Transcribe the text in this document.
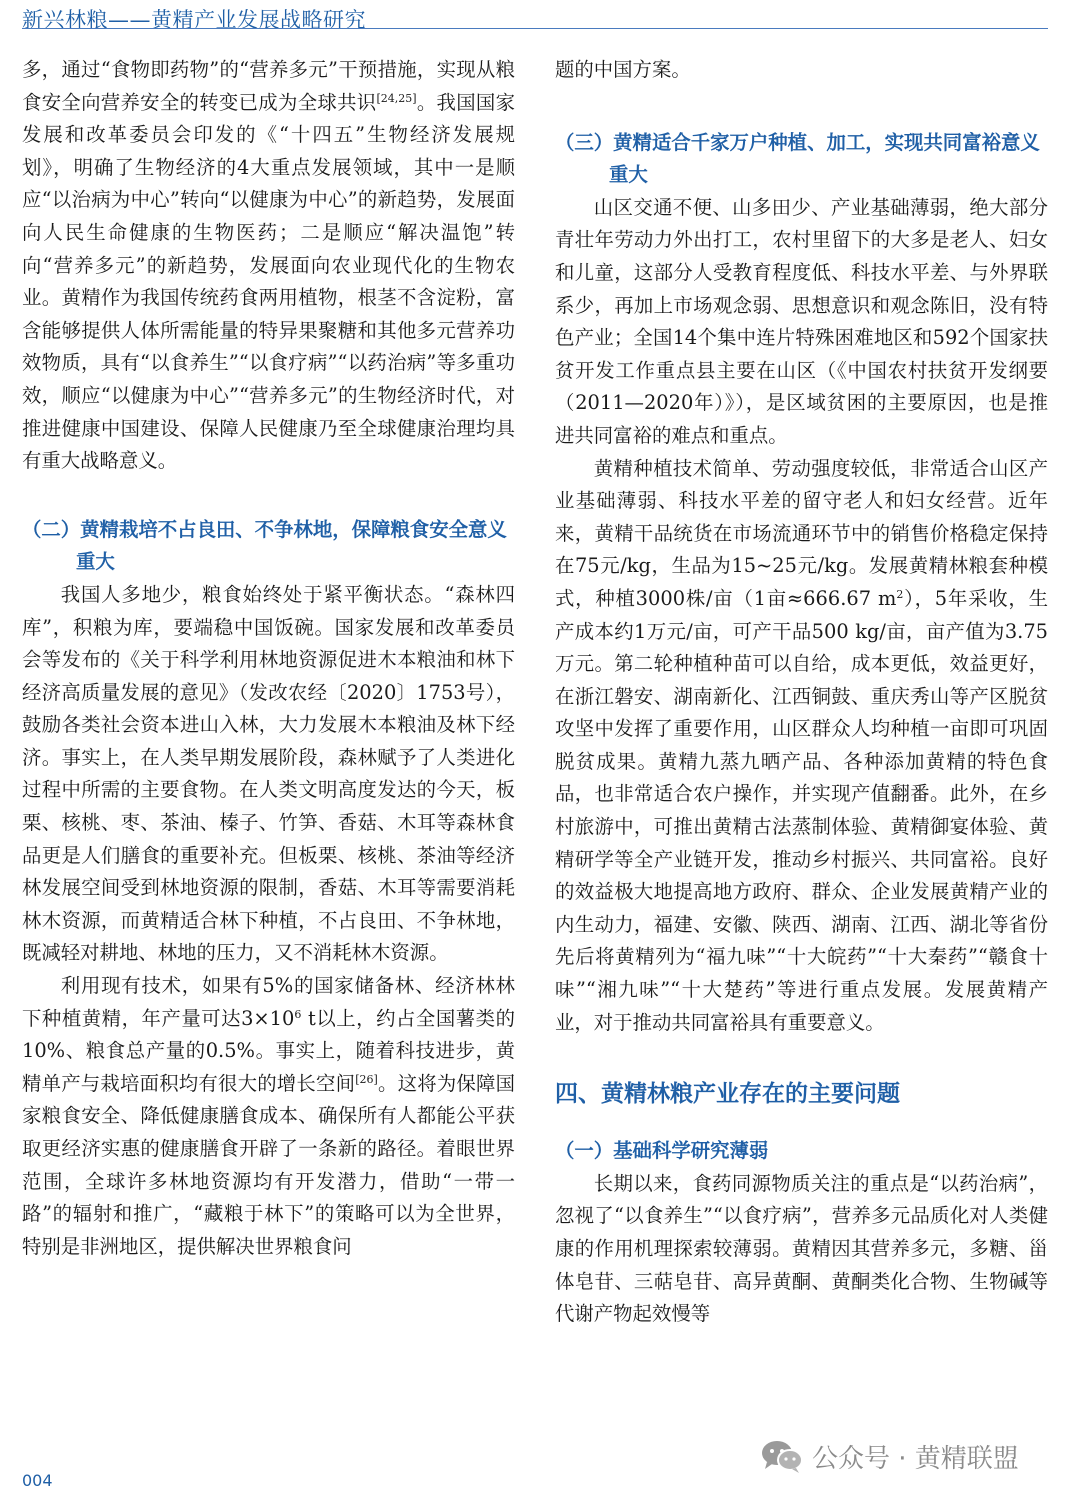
新兴林粮——黄精产业发展战略研究

多，通过“食物即药物”的“营养多元”干预措施，实现从粮食安全向营养安全的转变已成为全球共识[24,25]。我国国家发展和改革委员会印发的《“十四五”生物经济发展规划》，明确了生物经济的4大重点发展领域，其中一是顺应“以治病为中心”转向“以健康为中心”的新趋势，发展面向人民生命健康的生物医药；二是顺应“解决温饱”转向“营养多元”的新趋势，发展面向农业现代化的生物农业。黄精作为我国传统药食两用植物，根茎不含淀粉，富含能够提供人体所需能量的特异果聚糖和其他多元营养功效物质，具有“以食养生”“以食疗病”“以药治病”等多重功效，顺应“以健康为中心”“营养多元”的生物经济时代，对推进健康中国建设、保障人民健康乃至全球健康治理均具有重大战略意义。

（二）黄精栽培不占良田、不争林地，保障粮食安全意义重大

我国人多地少，粮食始终处于紧平衡状态。“森林四库”，积粮为库，要端稳中国饭碗。国家发展和改革委员会等发布的《关于科学利用林地资源促进木本粮油和林下经济高质量发展的意见》（发改农经〔2020〕1753号），鼓励各类社会资本进山入林，大力发展木本粮油及林下经济。事实上，在人类早期发展阶段，森林赋予了人类进化过程中所需的主要食物。在人类文明高度发达的今天，板栗、核桃、枣、茶油、榛子、竹笋、香菇、木耳等森林食品更是人们膳食的重要补充。但板栗、核桃、茶油等经济林发展空间受到林地资源的限制，香菇、木耳等需要消耗林木资源，而黄精适合林下种植，不占良田、不争林地，既减轻对耕地、林地的压力，又不消耗林木资源。

利用现有技术，如果有5%的国家储备林、经济林林下种植黄精，年产量可达$3\times 10^6$ t以上，约占全国薯类的10%、粮食总产量的0.5%。事实上，随着科技进步，黄精单产与栽培面积均有很大的增长空间[26]。这将为保障国家粮食安全、降低健康膳食成本、确保所有人都能公平获取更经济实惠的健康膳食开辟了一条新的路径。着眼世界范围，全球许多林地资源均有开发潜力，借助“一带一路”的辐射和推广，“藏粮于林下”的策略可以为全世界，特别是非洲地区，提供解决世界粮食问

题的中国方案。

（三）黄精适合千家万户种植、加工，实现共同富裕意义重大

山区交通不便、山多田少、产业基础薄弱，绝大部分青壮年劳动力外出打工，农村里留下的大多是老人、妇女和儿童，这部分人受教育程度低、科技水平差、与外界联系少，再加上市场观念弱、思想意识和观念陈旧，没有特色产业；全国14个集中连片特殊困难地区和592个国家扶贫开发工作重点县主要在山区（《中国农村扶贫开发纲要（2011—2020年）》），是区域贫困的主要原因，也是推进共同富裕的难点和重点。

黄精种植技术简单、劳动强度较低，非常适合山区产业基础薄弱、科技水平差的留守老人和妇女经营。近年来，黄精干品统货在市场流通环节中的销售价格稳定保持在75元/kg，生品为15~25元/kg。发展黄精林粮套种模式，种植3000株/亩（1亩≈666.67 $m^2$），5年采收，生产成本约1万元/亩，可产干品500 kg/亩，亩产值为3.75万元。第二轮种植种苗可以自给，成本更低，效益更好，在浙江磐安、湖南新化、江西铜鼓、重庆秀山等产区脱贫攻坚中发挥了重要作用，山区群众人均种植一亩即可巩固脱贫成果。黄精九蒸九晒产品、各种添加黄精的特色食品，也非常适合农户操作，并实现产值翻番。此外，在乡村旅游中，可推出黄精古法蒸制体验、黄精御宴体验、黄精研学等全产业链开发，推动乡村振兴、共同富裕。良好的效益极大地提高地方政府、群众、企业发展黄精产业的内生动力，福建、安徽、陕西、湖南、江西、湖北等省份先后将黄精列为“福九味”“十大皖药”“十大秦药”“赣食十味”“湘九味”“十大楚药”等进行重点发展。发展黄精产业，对于推动共同富裕具有重要意义。

四、黄精林粮产业存在的主要问题
（一）基础科学研究薄弱

长期以来，食药同源物质关注的重点是“以药治病”，忽视了“以食养生”“以食疗病”，营养多元品质化对人类健康的作用机理探索较薄弱。黄精因其营养多元，多糖、甾体皂苷、三萜皂苷、高异黄酮、黄酮类化合物、生物碱等代谢产物起效慢等

004
公众号 · 黄精联盟
